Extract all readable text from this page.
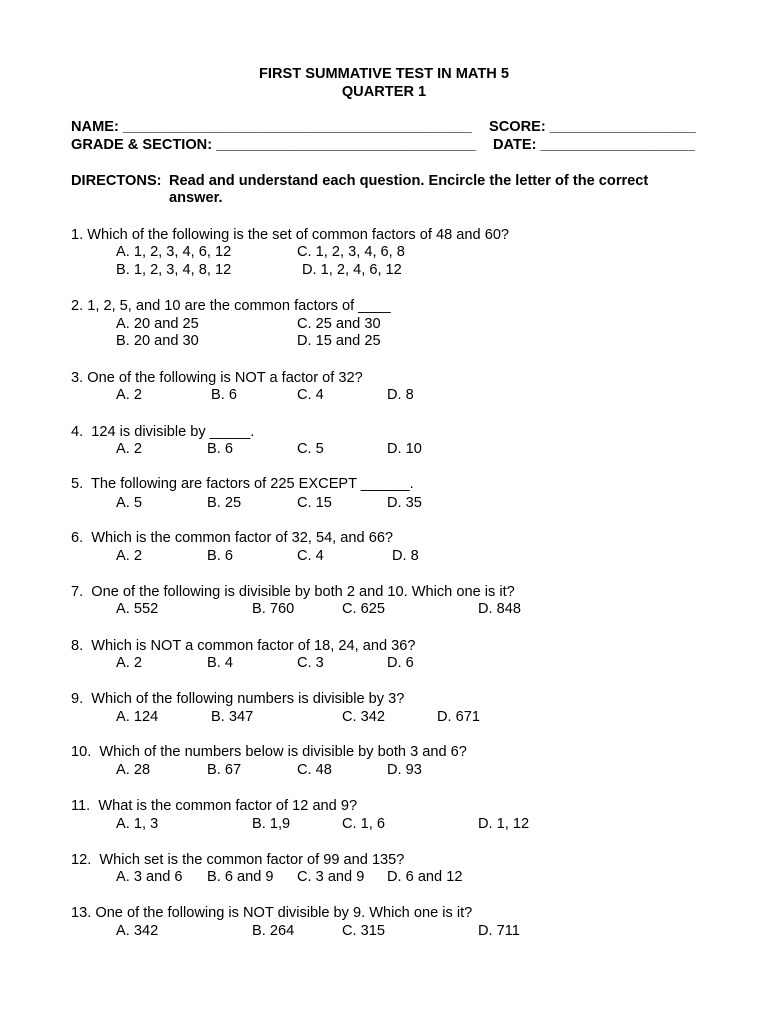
FIRST SUMMATIVE TEST IN MATH 5
QUARTER 1
NAME: ___________________________________________ SCORE: __________________
GRADE & SECTION: ________________________________ DATE: ___________________
DIRECTONS: Read and understand each question. Encircle the letter of the correct
answer.
1. Which of the following is the set of common factors of 48 and 60?
A. 1, 2, 3, 4, 6, 12	C. 1, 2, 3, 4, 6, 8
B. 1, 2, 3, 4, 8, 12	D. 1, 2, 4, 6, 12
2. 1, 2, 5, and 10 are the common factors of ____
A. 20 and 25	C. 25 and 30
B. 20 and 30	D. 15 and 25
3. One of the following is NOT a factor of 32?
A. 2	B. 6	C. 4	D. 8
4.  124 is divisible by _____.
A. 2	B. 6	C. 5	D. 10
5.  The following are factors of 225 EXCEPT ______.
A. 5	B. 25	C. 15	D. 35
6.  Which is the common factor of 32, 54, and 66?
A. 2	B. 6	C. 4	D. 8
7.  One of the following is divisible by both 2 and 10. Which one is it?
A. 552	B. 760	C. 625	D. 848
8.  Which is NOT a common factor of 18, 24, and 36?
A. 2	B. 4	C. 3	D. 6
9.  Which of the following numbers is divisible by 3?
A. 124	B. 347	C. 342	D. 671
10.  Which of the numbers below is divisible by both 3 and 6?
A. 28	B. 67	C. 48	D. 93
11.  What is the common factor of 12 and 9?
A. 1, 3	B. 1,9	C. 1, 6	D. 1, 12
12.  Which set is the common factor of 99 and 135?
A. 3 and 6 B. 6 and 9 C. 3 and 9 D. 6 and 12
13. One of the following is NOT divisible by 9. Which one is it?
A. 342	B. 264	C. 315	D. 711
